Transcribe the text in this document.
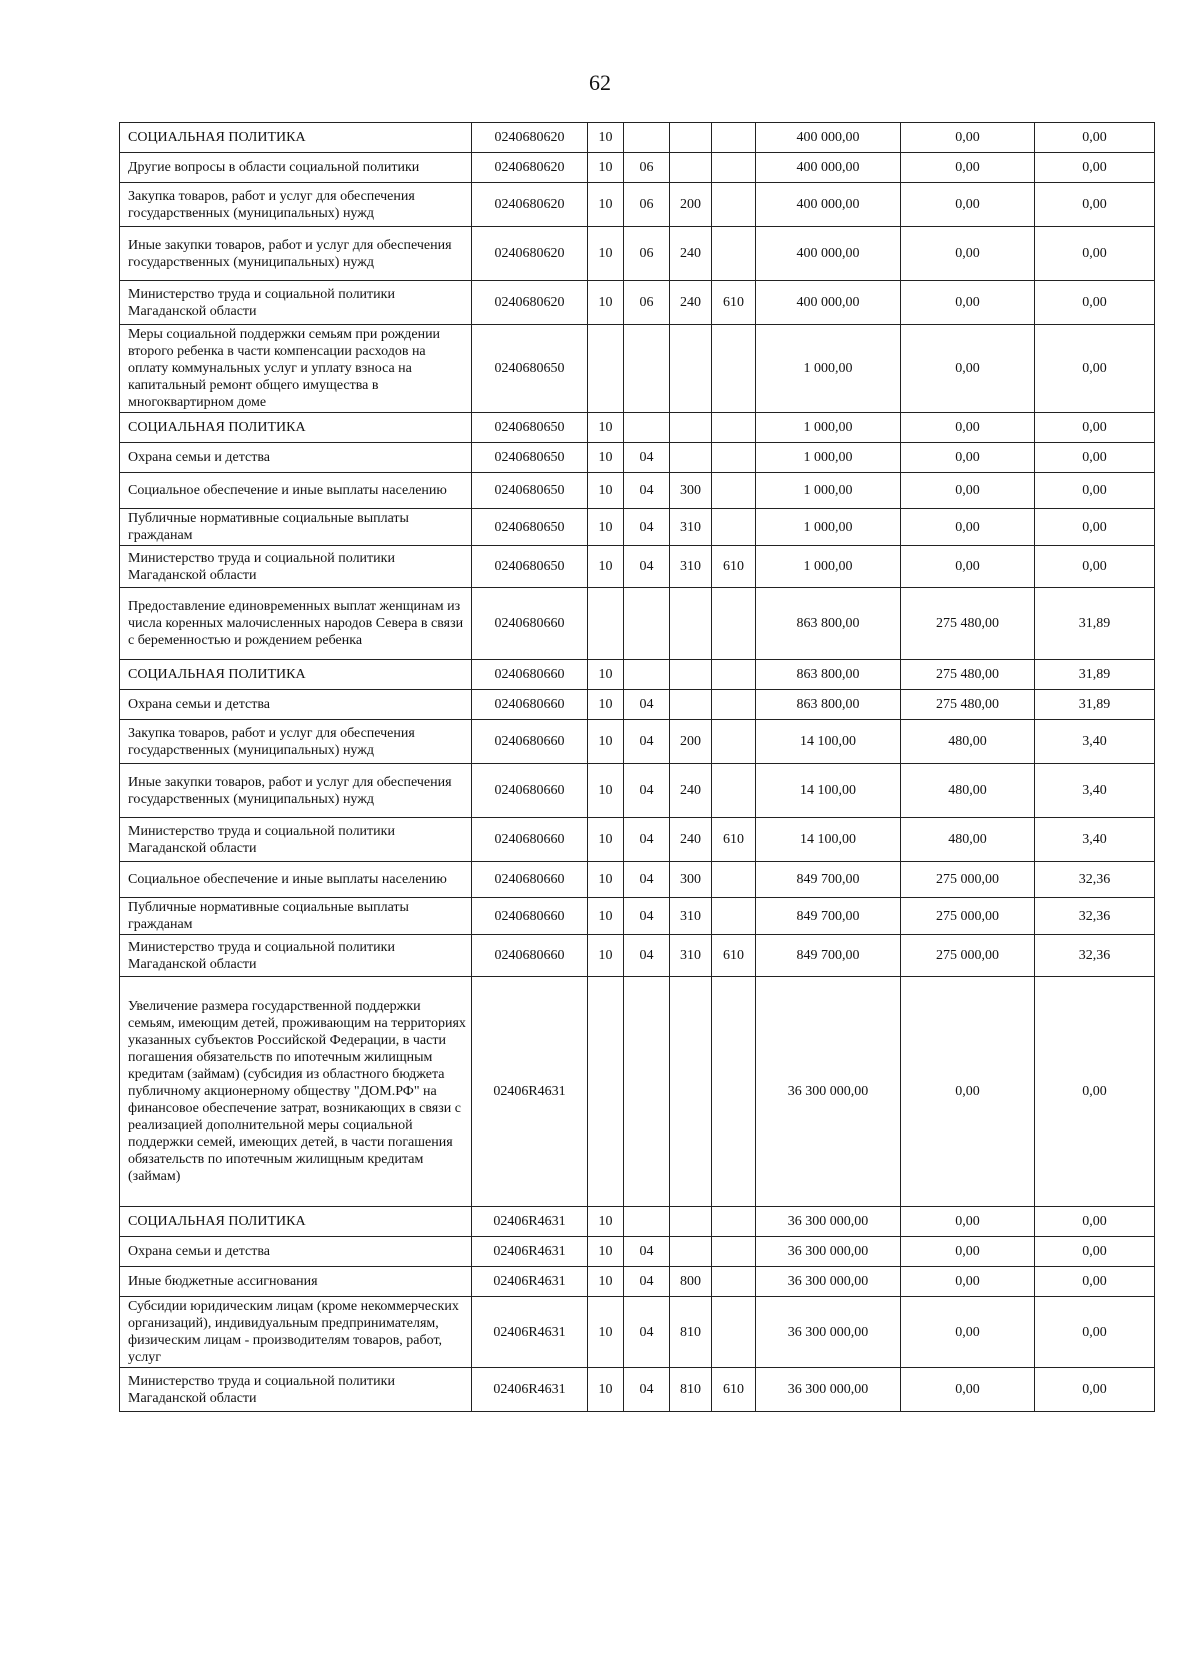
62
СОЦИАЛЬНАЯ ПОЛИТИКА	0240680620	10				400 000,00	0,00	0,00
Другие вопросы в области социальной политики	0240680620	10	06			400 000,00	0,00	0,00
Закупка товаров, работ и услуг для обеспечения государственных (муниципальных) нужд	0240680620	10	06	200		400 000,00	0,00	0,00
Иные закупки товаров, работ и услуг для обеспечения государственных (муниципальных) нужд	0240680620	10	06	240		400 000,00	0,00	0,00
Министерство труда и социальной политики Магаданской области	0240680620	10	06	240	610	400 000,00	0,00	0,00
Меры социальной поддержки семьям при рождении второго ребенка в части компенсации расходов на оплату коммунальных услуг и уплату взноса на капитальный ремонт общего имущества в многоквартирном доме	0240680650					1 000,00	0,00	0,00
СОЦИАЛЬНАЯ ПОЛИТИКА	0240680650	10				1 000,00	0,00	0,00
Охрана семьи и детства	0240680650	10	04			1 000,00	0,00	0,00
Социальное обеспечение и иные выплаты населению	0240680650	10	04	300		1 000,00	0,00	0,00
Публичные нормативные социальные выплаты гражданам	0240680650	10	04	310		1 000,00	0,00	0,00
Министерство труда и социальной политики Магаданской области	0240680650	10	04	310	610	1 000,00	0,00	0,00
Предоставление единовременных выплат женщинам из числа коренных малочисленных народов Севера в связи с беременностью и рождением ребенка	0240680660					863 800,00	275 480,00	31,89
СОЦИАЛЬНАЯ ПОЛИТИКА	0240680660	10				863 800,00	275 480,00	31,89
Охрана семьи и детства	0240680660	10	04			863 800,00	275 480,00	31,89
Закупка товаров, работ и услуг для обеспечения государственных (муниципальных) нужд	0240680660	10	04	200		14 100,00	480,00	3,40
Иные закупки товаров, работ и услуг для обеспечения государственных (муниципальных) нужд	0240680660	10	04	240		14 100,00	480,00	3,40
Министерство труда и социальной политики Магаданской области	0240680660	10	04	240	610	14 100,00	480,00	3,40
Социальное обеспечение и иные выплаты населению	0240680660	10	04	300		849 700,00	275 000,00	32,36
Публичные нормативные социальные выплаты гражданам	0240680660	10	04	310		849 700,00	275 000,00	32,36
Министерство труда и социальной политики Магаданской области	0240680660	10	04	310	610	849 700,00	275 000,00	32,36
Увеличение размера государственной поддержки семьям, имеющим детей, проживающим на территориях указанных субъектов Российской Федерации, в части погашения обязательств по ипотечным жилищным кредитам (займам) (субсидия из областного бюджета публичному акционерному обществу "ДОМ.РФ" на финансовое обеспечение затрат, возникающих в связи с реализацией дополнительной меры социальной поддержки семей, имеющих детей, в части погашения обязательств по ипотечным жилищным кредитам (займам)	02406R4631					36 300 000,00	0,00	0,00
СОЦИАЛЬНАЯ ПОЛИТИКА	02406R4631	10				36 300 000,00	0,00	0,00
Охрана семьи и детства	02406R4631	10	04			36 300 000,00	0,00	0,00
Иные бюджетные ассигнования	02406R4631	10	04	800		36 300 000,00	0,00	0,00
Субсидии юридическим лицам (кроме некоммерческих организаций), индивидуальным предпринимателям, физическим лицам - производителям товаров, работ, услуг	02406R4631	10	04	810		36 300 000,00	0,00	0,00
Министерство труда и социальной политики Магаданской области	02406R4631	10	04	810	610	36 300 000,00	0,00	0,00
